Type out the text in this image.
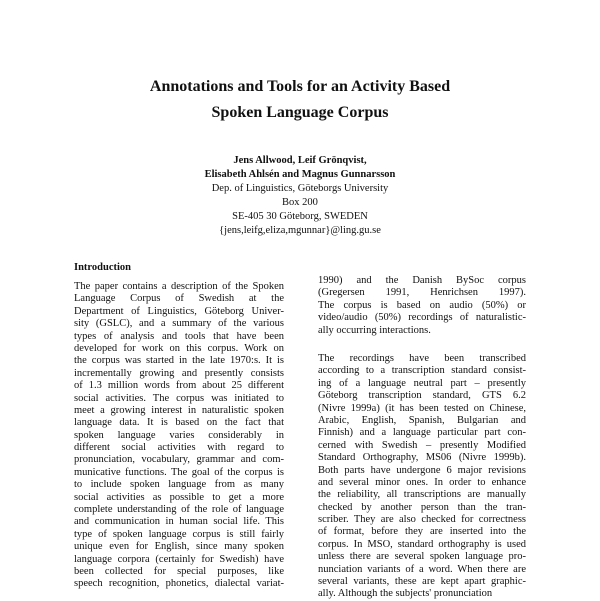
Annotations and Tools for an Activity Based
Spoken Language Corpus
Jens Allwood, Leif Grönqvist,
Elisabeth Ahlsén and Magnus Gunnarsson
Dep. of Linguistics, Göteborgs University
Box 200
SE-405 30 Göteborg, SWEDEN
{jens,leifg,eliza,mgunnar}@ling.gu.se
Introduction
The paper contains a description of the Spoken
Language Corpus of Swedish at the
Department of Linguistics, Göteborg Univer-
sity (GSLC), and a summary of the various
types of analysis and tools that have been
developed for work on this corpus. Work on
the corpus was started in the late 1970:s. It is
incrementally growing and presently consists
of 1.3 million words from about 25 different
social activities. The corpus was initiated to
meet a growing interest in naturalistic spoken
language data. It is based on the fact that
spoken language varies considerably in
different social activities with regard to
pronunciation, vocabulary, grammar and com-
municative functions. The goal of the corpus is
to include spoken language from as many
social activities as possible to get a more
complete understanding of the role of language
and communication in human social life. This
type of spoken language corpus is still fairly
unique even for English, since many spoken
language corpora (certainly for Swedish) have
been collected for special purposes, like
speech recognition, phonetics, dialectal variat-
1990) and the Danish BySoc corpus
(Gregersen 1991, Henrichsen 1997).
The corpus is based on audio (50%) or
video/audio (50%) recordings of naturalistic-
ally occurring interactions.
The recordings have been transcribed
according to a transcription standard consist-
ing of a language neutral part – presently
Göteborg transcription standard, GTS 6.2
(Nivre 1999a) (it has been tested on Chinese,
Arabic, English, Spanish, Bulgarian and
Finnish) and a language particular part con-
cerned with Swedish – presently Modified
Standard Orthography, MS06 (Nivre 1999b).
Both parts have undergone 6 major revisions
and several minor ones. In order to enhance
the reliability, all transcriptions are manually
checked by another person than the tran-
scriber. They are also checked for correctness
of format, before they are inserted into the
corpus. In MSO, standard orthography is used
unless there are several spoken language pro-
nunciation variants of a word. When there are
several variants, these are kept apart graphic-
ally. Although the subjects' pronunciation
